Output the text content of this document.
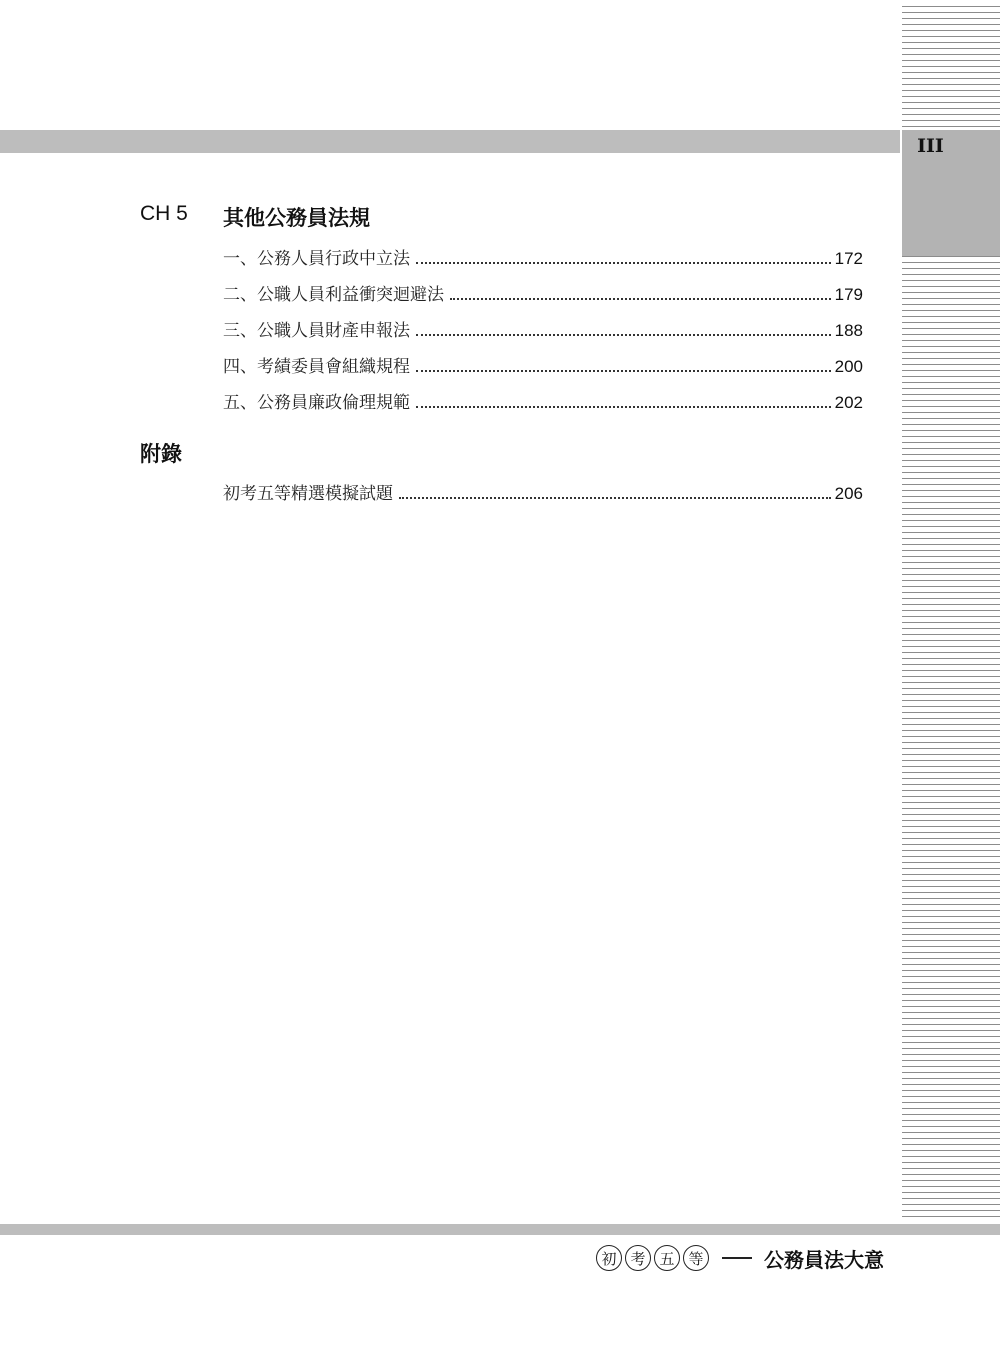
III
CH 5 其他公務員法規
一、公務人員行政中立法	172
二、公職人員利益衝突迴避法	179
三、公職人員財產申報法	188
四、考績委員會組織規程	200
五、公務員廉政倫理規範	202
附錄
初考五等精選模擬試題	206
初 考 五 等	公務員法大意
